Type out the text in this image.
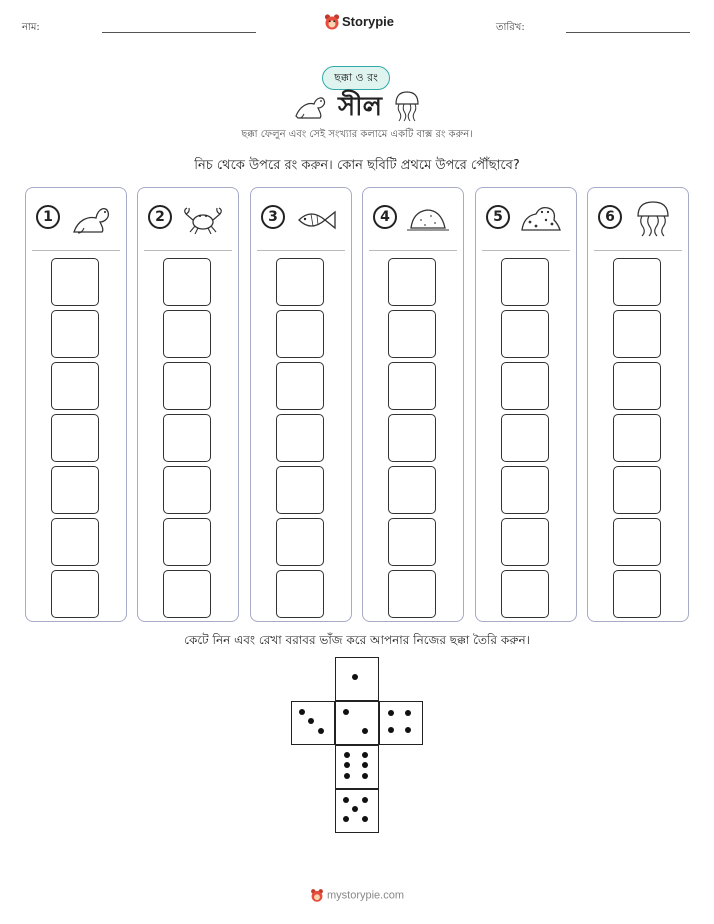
নাম:	Storypie	তারিখ:
ছক্কা ও রং
সীল
ছক্কা ফেলুন এবং সেই সংখ্যার কলামে একটি বাক্স রং করুন।
নিচ থেকে উপরে রং করুন। কোন ছবিটি প্রথমে উপরে পৌঁছাবে?
1	2	3	4	5	6
কেটে নিন এবং রেখা বরাবর ভাঁজ করে আপনার নিজের ছক্কা তৈরি করুন।
mystorypie.com
